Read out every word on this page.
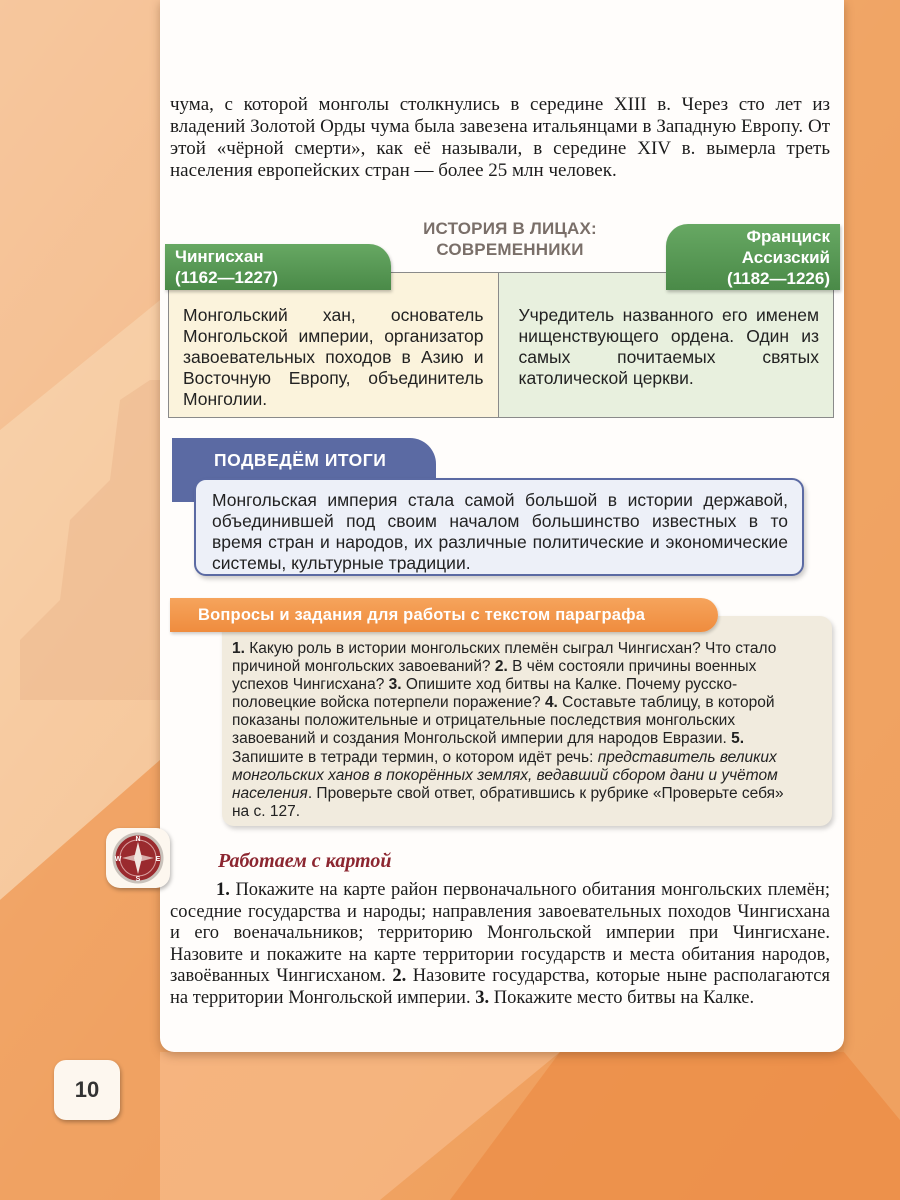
чума, с которой монголы столкнулись в середине XIII в. Через сто лет из владений Золотой Орды чума была завезена итальянцами в Западную Европу. От этой «чёрной смерти», как её называли, в середине XIV в. вымерла треть населения европейских стран — более 25 млн человек.

ИСТОРИЯ В ЛИЦАХ:
СОВРЕМЕННИКИ
Чингисхан
(1162—1227)
Франциск
Ассизский
(1182—1226)
Монгольский хан, основатель Монгольской империи, организатор завоевательных походов в Азию и Восточную Европу, объединитель Монголии.
Учредитель названного его именем нищенствующего ордена. Один из самых почитаемых святых католической церкви.
ПОДВЕДЁМ ИТОГИ
Монгольская империя стала самой большой в истории державой, объединившей под своим началом большинство известных в то время стран и народов, их различные политические и экономические системы, культурные традиции.
Вопросы и задания для работы с текстом параграфа

1. Какую роль в истории монгольских племён сыграл Чингисхан? Что стало причиной монгольских завоеваний? 2. В чём состояли причины военных успехов Чингисхана? 3. Опишите ход битвы на Калке. Почему русско-половецкие войска потерпели поражение? 4. Составьте таблицу, в которой показаны положительные и отрицательные последствия монгольских завоеваний и создания Монгольской империи для народов Евразии. 5. Запишите в тетради термин, о котором идёт речь: представитель великих монгольских ханов в покорённых землях, ведавший сбором дани и учётом населения. Проверьте свой ответ, обратившись к рубрике «Проверьте себя» на с. 127.

N
S
E
W	Работаем с картой

1. Покажите на карте район первоначального обитания монгольских племён; соседние государства и народы; направления завоевательных походов Чингисхана и его военачальников; территорию Монгольской империи при Чингисхане. Назовите и покажите на карте территории государств и места обитания народов, завоёванных Чингисханом. 2. Назовите государства, которые ныне располагаются на территории Монгольской империи. 3. Покажите место битвы на Калке.

10
